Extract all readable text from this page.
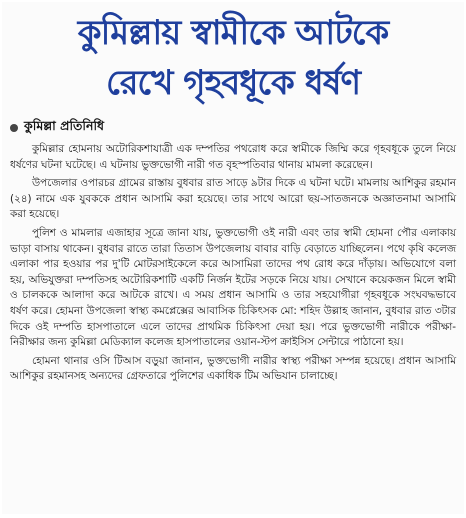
কুমিল্লায় স্বামীকে আটকে
রেখে গৃহবধূকে ধর্ষণ
কুমিল্লা প্রতিনিধি

কুমিল্লার হোমনায় অটোরিকশাযাত্রী এক দম্পতির পথরোধ করে স্বামীকে জিম্মি করে গৃহবধূকে তুলে নিয়ে ধর্ষণের ঘটনা ঘটেছে। এ ঘটনায় ভুক্তভোগী নারী গত বৃহস্পতিবার থানায় মামলা করেছেন।

উপজেলার ওপারচর গ্রামের রাস্তায় বুধবার রাত সাড়ে ৯টার দিকে এ ঘটনা ঘটে। মামলায় আশিকুর রহমান (২৪) নামে এক যুবককে প্রধান আসামি করা হয়েছে। তার সাথে আরো ছয়-সাতজনকে অজ্ঞাতনামা আসামি করা হয়েছে।

পুলিশ ও মামলার এজাহার সূত্রে জানা যায়, ভুক্তভোগী ওই নারী এবং তার স্বামী হোমনা পৌর এলাকায় ভাড়া বাসায় থাকেন। বুধবার রাতে তারা তিতাস উপজেলায় বাবার বাড়ি বেড়াতে যাচ্ছিলেন। পথে কৃষি কলেজ এলাকা পার হওয়ার পর দু'টি মোটরসাইকেলে করে আসামিরা তাদের পথ রোধ করে দাঁড়ায়। অভিযোগে বলা হয়, অভিযুক্তরা দম্পতিসহ অটোরিকশাটি একটি নির্জন ইটের সড়কে নিয়ে যায়। সেখানে কয়েকজন মিলে স্বামী ও চালককে আলাদা করে আটকে রাখে। এ সময় প্রধান আসামি ও তার সহযোগীরা গৃহবধূকে সংঘবদ্ধভাবে ধর্ষণ করে। হোমনা উপজেলা স্বাস্থ্য কমপ্লেক্সের আবাসিক চিকিৎসক মো: শহিদ উল্লাহ জানান, বুধবার রাত ৩টার দিকে ওই দম্পতি হাসপাতালে এলে তাদের প্রাথমিক চিকিৎসা দেয়া হয়। পরে ভুক্তভোগী নারীকে পরীক্ষা-নিরীক্ষার জন্য কুমিল্লা মেডিক্যাল কলেজ হাসপাতালের ওয়ান-স্টপ ক্রাইসিস সেন্টারে পাঠানো হয়।

হোমনা থানার ওসি টিআস বড়ুয়া জানান, ভুক্তভোগী নারীর স্বাস্থ্য পরীক্ষা সম্পন্ন হয়েছে। প্রধান আসামি আশিকুর রহমানসহ অন্যদের গ্রেফতারে পুলিশের একাধিক টিম অভিযান চালাচ্ছে।
